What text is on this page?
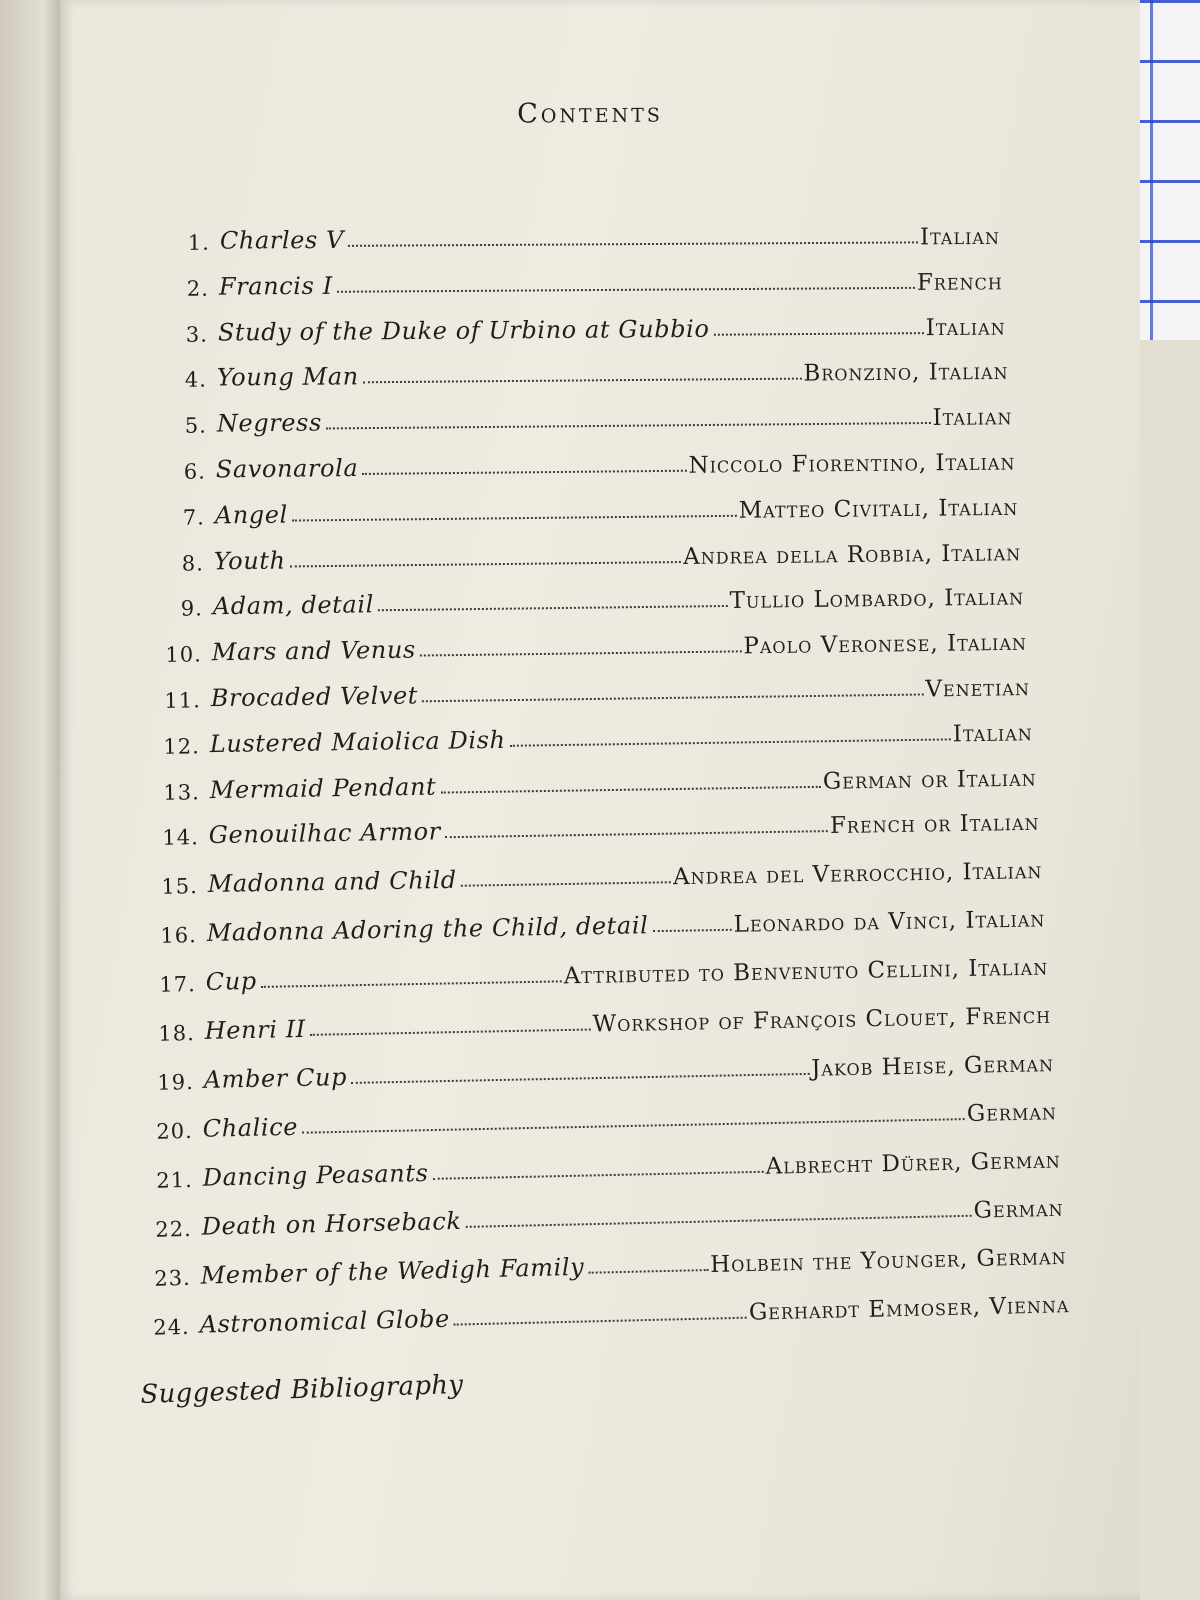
Contents
1. Charles V	Italian
2. Francis I	French
3. Study of the Duke of Urbino at Gubbio	Italian
4. Young Man	Bronzino, Italian
5. Negress	Italian
6. Savonarola	Niccolo Fiorentino, Italian
7. Angel	Matteo Civitali, Italian
8. Youth	Andrea della Robbia, Italian
9. Adam, detail	Tullio Lombardo, Italian
10. Mars and Venus	Paolo Veronese, Italian
11. Brocaded Velvet	Venetian
12. Lustered Maiolica Dish	Italian
13. Mermaid Pendant	German or Italian
14. Genouilhac Armor	French or Italian
15. Madonna and Child	Andrea del Verrocchio, Italian
16. Madonna Adoring the Child, detail	Leonardo da Vinci, Italian
17. Cup	Attributed to Benvenuto Cellini, Italian
18. Henri II	Workshop of François Clouet, French
19. Amber Cup	Jakob Heise, German
20. Chalice	German
21. Dancing Peasants	Albrecht Dürer, German
22. Death on Horseback	German
23. Member of the Wedigh Family	Holbein the Younger, German
24. Astronomical Globe	Gerhardt Emmoser, Vienna
Suggested Bibliography
